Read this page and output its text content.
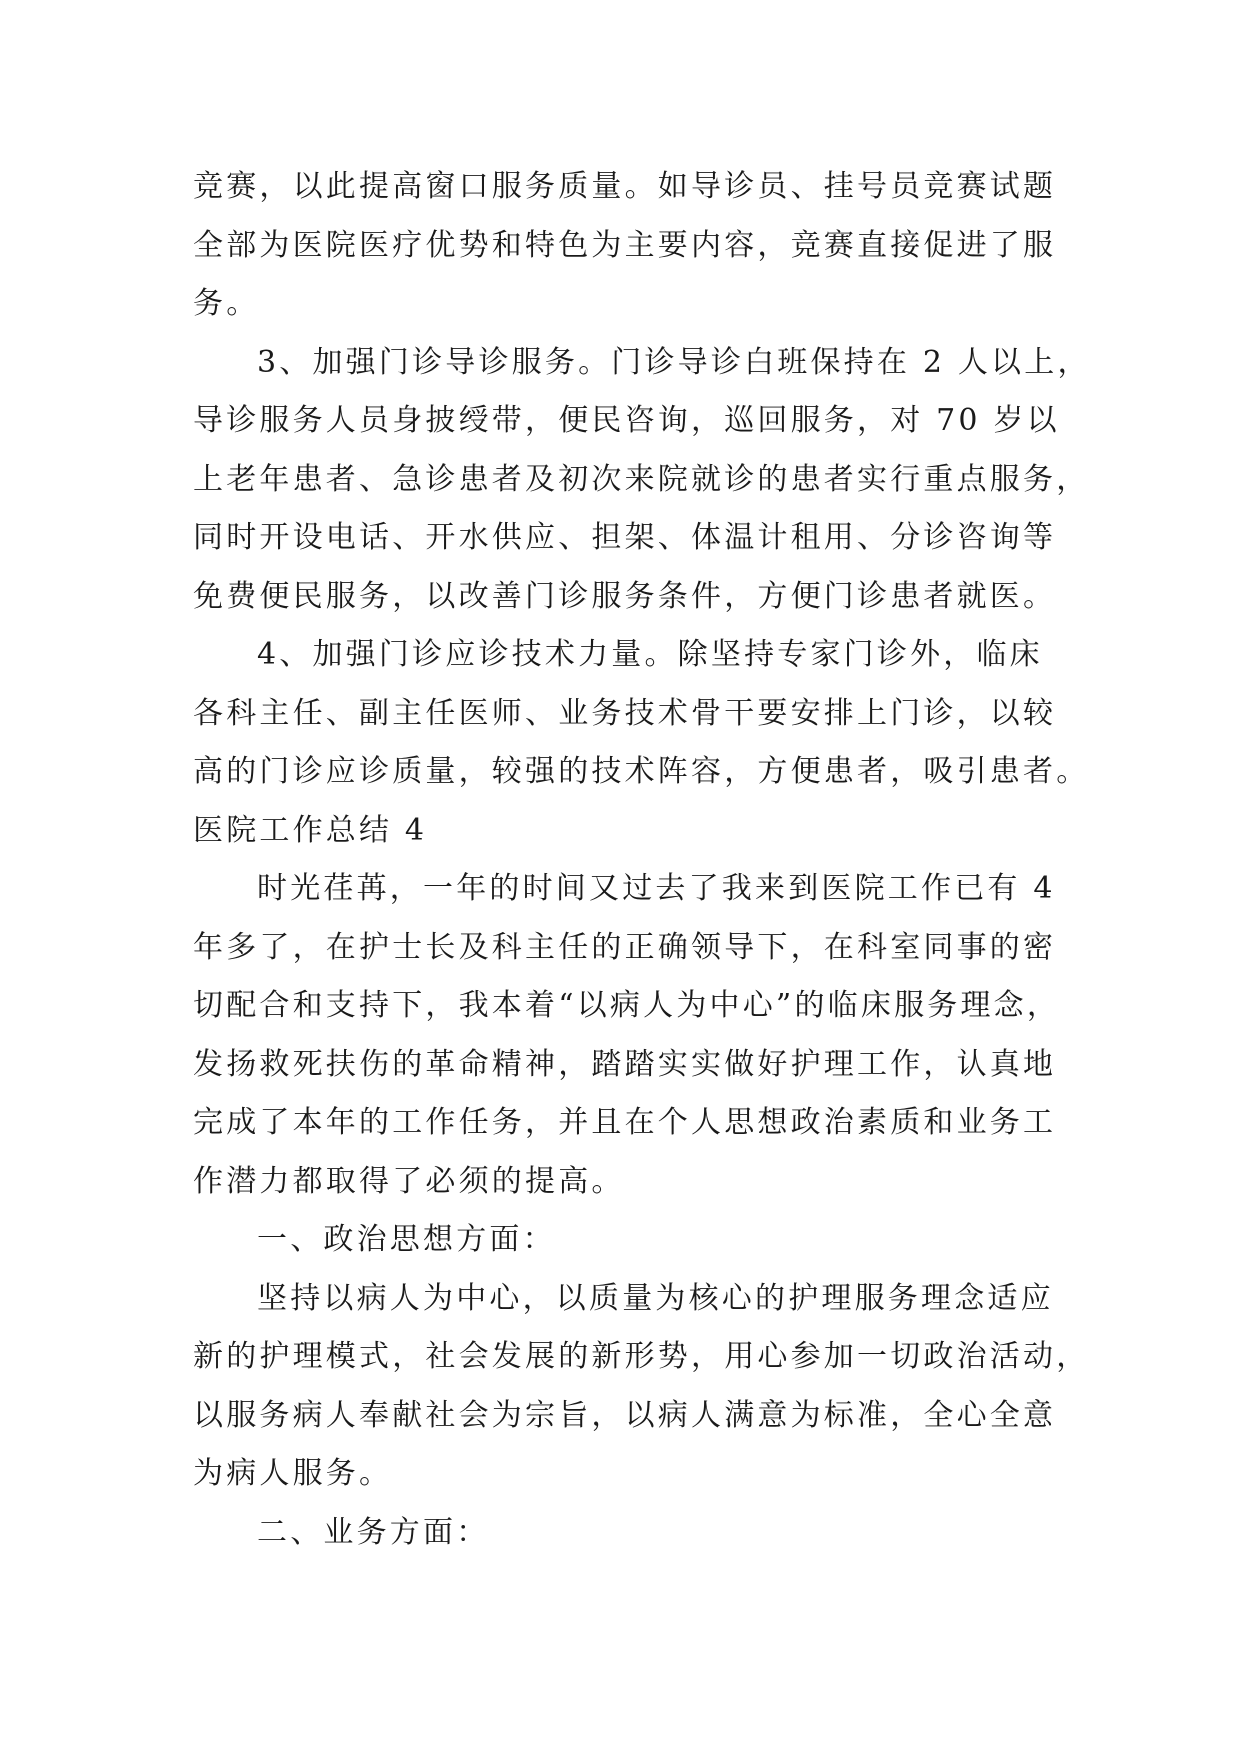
竞赛，以此提高窗口服务质量。如导诊员、挂号员竞赛试题
全部为医院医疗优势和特色为主要内容，竞赛直接促进了服
务。
3、加强门诊导诊服务。门诊导诊白班保持在 2 人以上，
导诊服务人员身披绶带，便民咨询，巡回服务，对 70 岁以
上老年患者、急诊患者及初次来院就诊的患者实行重点服务，
同时开设电话、开水供应、担架、体温计租用、分诊咨询等
免费便民服务，以改善门诊服务条件，方便门诊患者就医。
4、加强门诊应诊技术力量。除坚持专家门诊外，临床
各科主任、副主任医师、业务技术骨干要安排上门诊，以较
高的门诊应诊质量，较强的技术阵容，方便患者，吸引患者。
医院工作总结 4
时光荏苒，一年的时间又过去了我来到医院工作已有 4
年多了，在护士长及科主任的正确领导下，在科室同事的密
切配合和支持下，我本着“以病人为中心”的临床服务理念，
发扬救死扶伤的革命精神，踏踏实实做好护理工作，认真地
完成了本年的工作任务，并且在个人思想政治素质和业务工
作潜力都取得了必须的提高。
一、政治思想方面：
坚持以病人为中心，以质量为核心的护理服务理念适应
新的护理模式，社会发展的新形势，用心参加一切政治活动，
以服务病人奉献社会为宗旨，以病人满意为标准，全心全意
为病人服务。
二、业务方面：
